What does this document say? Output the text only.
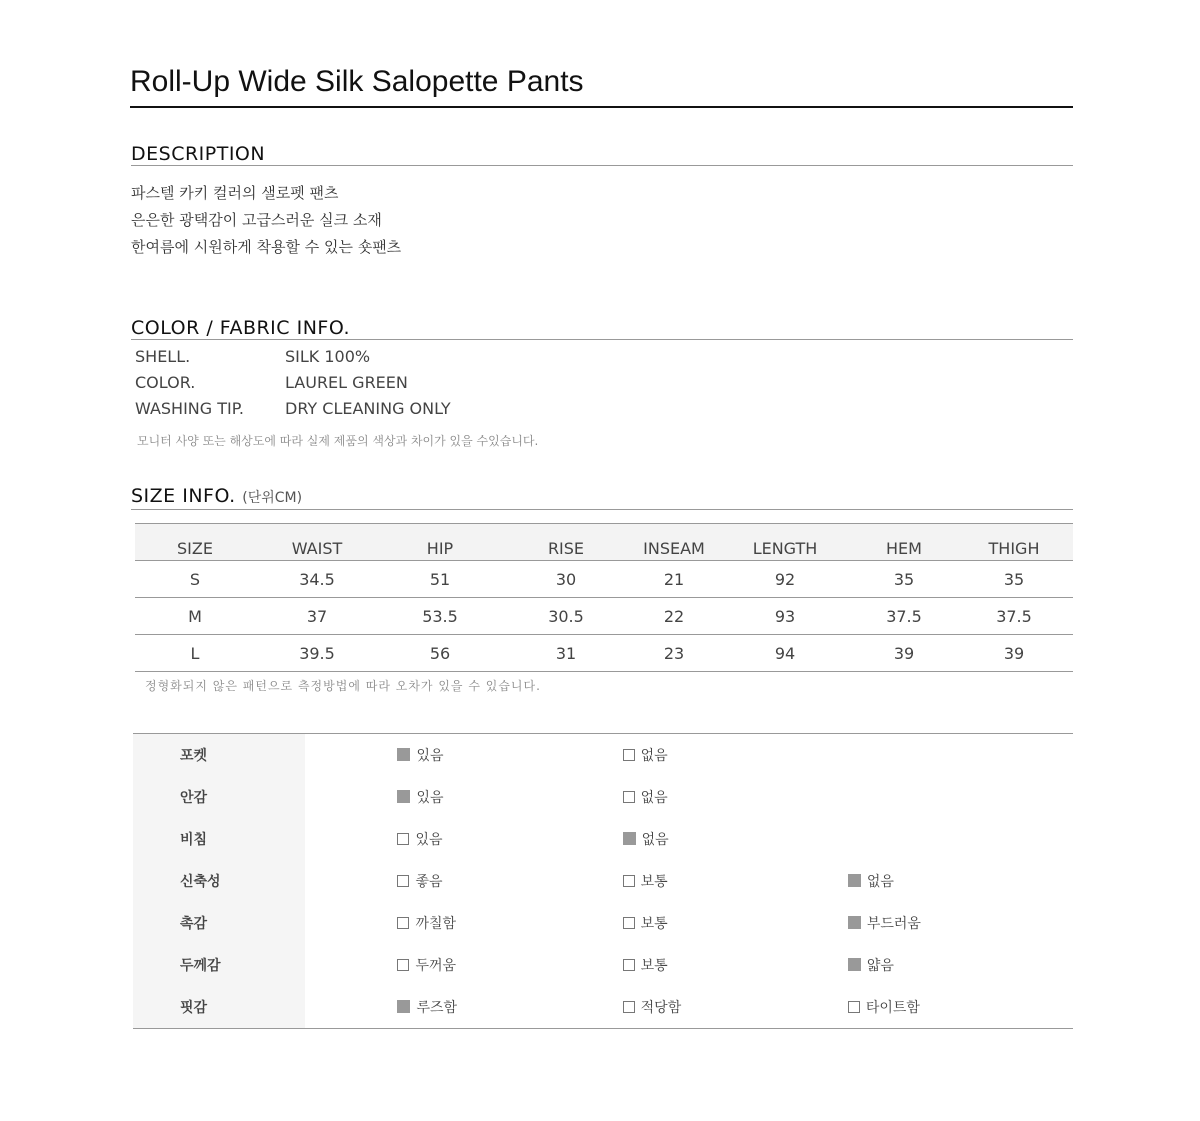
Roll-Up Wide Silk Salopette Pants
DESCRIPTION
파스텔 카키 컬러의 샐로펫 팬츠
은은한 광택감이 고급스러운 실크 소재
한여름에 시원하게 착용할 수 있는 숏팬츠
COLOR / FABRIC INFO.
SHELL.	SILK 100%
COLOR.	LAUREL GREEN
WASHING TIP.	DRY CLEANING ONLY
모니터 사양 또는 해상도에 따라 실제 제품의 색상과 차이가 있을 수있습니다.
SIZE INFO. (단위CM)
SIZE	WAIST	HIP	RISE	INSEAM	LENGTH	HEM	THIGH
S	34.5	51	30	21	92	35	35
M	37	53.5	30.5	22	93	37.5	37.5
L	39.5	56	31	23	94	39	39
정형화되지 않은 패턴으로 측정방법에 따라 오차가 있을 수 있습니다.
포켓	있음	없음	

안감	있음	없음	

비침	있음	없음	

신축성	좋음	보통	없음

촉감	까칠함	보통	부드러움

두께감	두꺼움	보통	얇음

핏감	루즈함	적당함	타이트함
